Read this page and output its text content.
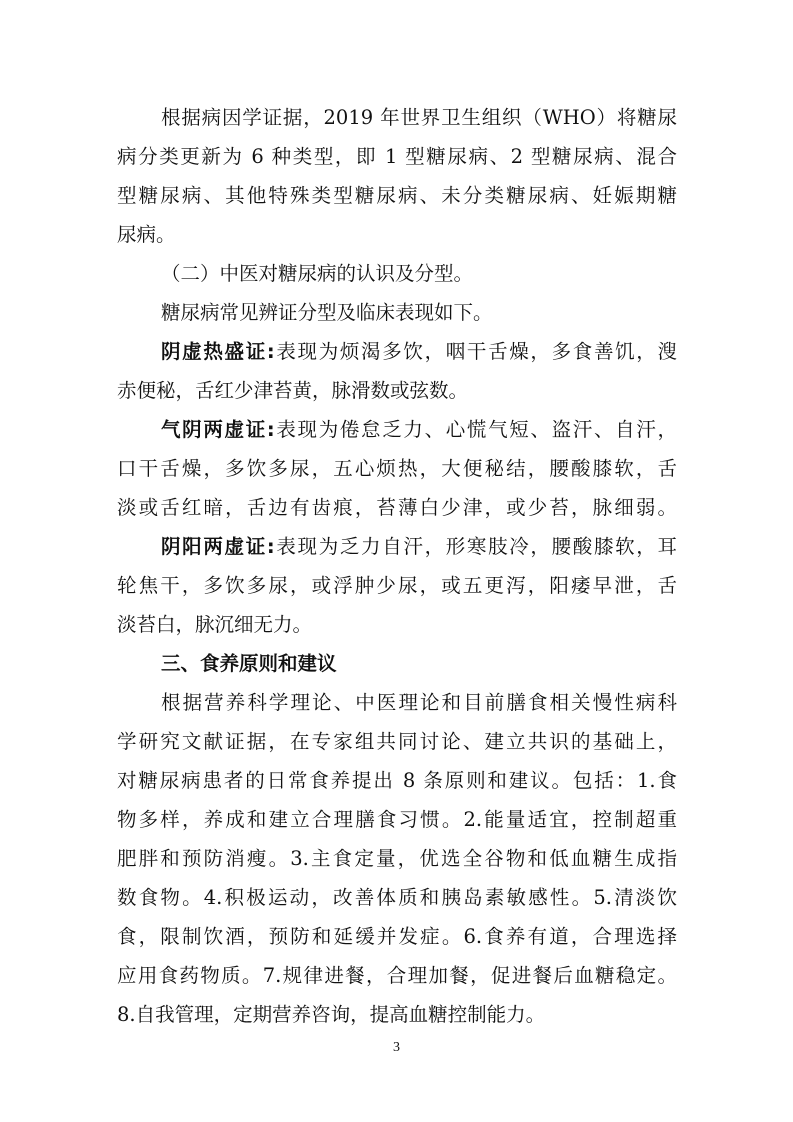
根据病因学证据，2019 年世界卫生组织（WHO）将糖尿
病分类更新为 6 种类型，即 1 型糖尿病、2 型糖尿病、混合
型糖尿病、其他特殊类型糖尿病、未分类糖尿病、妊娠期糖
尿病。
（二）中医对糖尿病的认识及分型。
糖尿病常见辨证分型及临床表现如下。
阴虚热盛证:表现为烦渴多饮，咽干舌燥，多食善饥，溲
赤便秘，舌红少津苔黄，脉滑数或弦数。
气阴两虚证:表现为倦怠乏力、心慌气短、盗汗、自汗，
口干舌燥，多饮多尿，五心烦热，大便秘结，腰酸膝软，舌
淡或舌红暗，舌边有齿痕，苔薄白少津，或少苔，脉细弱。
阴阳两虚证:表现为乏力自汗，形寒肢冷，腰酸膝软，耳
轮焦干，多饮多尿，或浮肿少尿，或五更泻，阳痿早泄，舌
淡苔白，脉沉细无力。
三、食养原则和建议
根据营养科学理论、中医理论和目前膳食相关慢性病科
学研究文献证据，在专家组共同讨论、建立共识的基础上，
对糖尿病患者的日常食养提出 8 条原则和建议。包括：1.食
物多样，养成和建立合理膳食习惯。2.能量适宜，控制超重
肥胖和预防消瘦。3.主食定量，优选全谷物和低血糖生成指
数食物。4.积极运动，改善体质和胰岛素敏感性。5.清淡饮
食，限制饮酒，预防和延缓并发症。6.食养有道，合理选择
应用食药物质。7.规律进餐，合理加餐，促进餐后血糖稳定。
8.自我管理，定期营养咨询，提高血糖控制能力。
3
